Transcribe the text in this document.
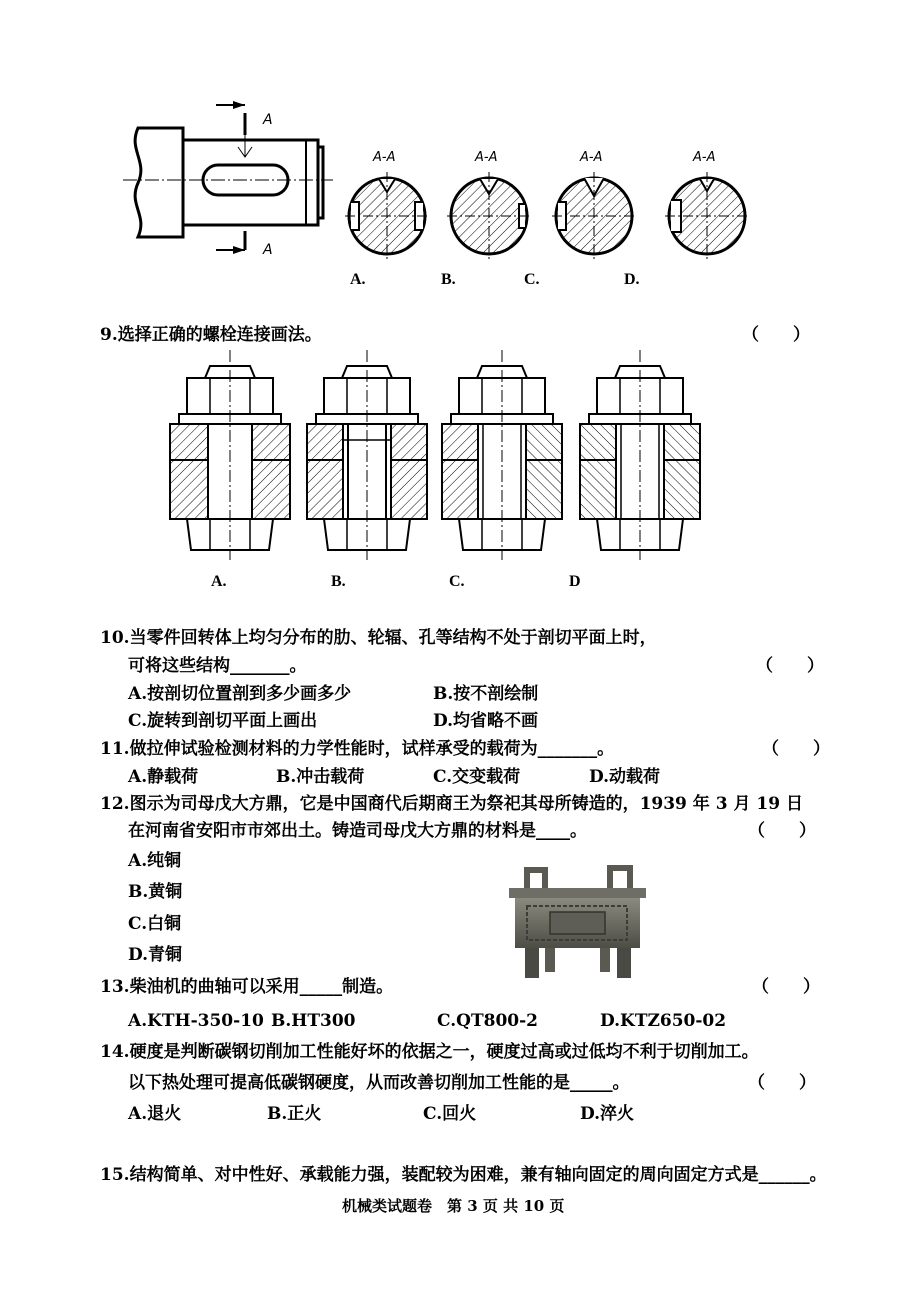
A
A
A-A	A-A	A-A	A-A
A.	B.	C.	D.
9.选择正确的螺栓连接画法。	（　　）
A.	B.	C.	D
10.当零件回转体上均匀分布的肋、轮辐、孔等结构不处于剖切平面上时，
可将这些结构_______。	（　　）
A.按剖切位置剖到多少画多少	B.按不剖绘制
C.旋转到剖切平面上画出	D.均省略不画
11.做拉伸试验检测材料的力学性能时，试样承受的载荷为_______。	（　　）
A.静载荷	B.冲击载荷	C.交变载荷	D.动载荷
12.图示为司母戊大方鼎，它是中国商代后期商王为祭祀其母所铸造的，1939 年 3 月 19 日
在河南省安阳市市郊出土。铸造司母戊大方鼎的材料是____。	（　　）
A.纯铜
B.黄铜
C.白铜
D.青铜
13.柴油机的曲轴可以采用_____制造。	（　　）
A.KTH-350-10 B.HT300	C.QT800-2	D.KTZ650-02
14.硬度是判断碳钢切削加工性能好坏的依据之一，硬度过高或过低均不利于切削加工。
以下热处理可提高低碳钢硬度，从而改善切削加工性能的是_____。	（　　）
A.退火	B.正火	C.回火	D.淬火
15.结构简单、对中性好、承载能力强，装配较为困难，兼有轴向固定的周向固定方式是______。
机械类试题卷　第 3 页 共 10 页
